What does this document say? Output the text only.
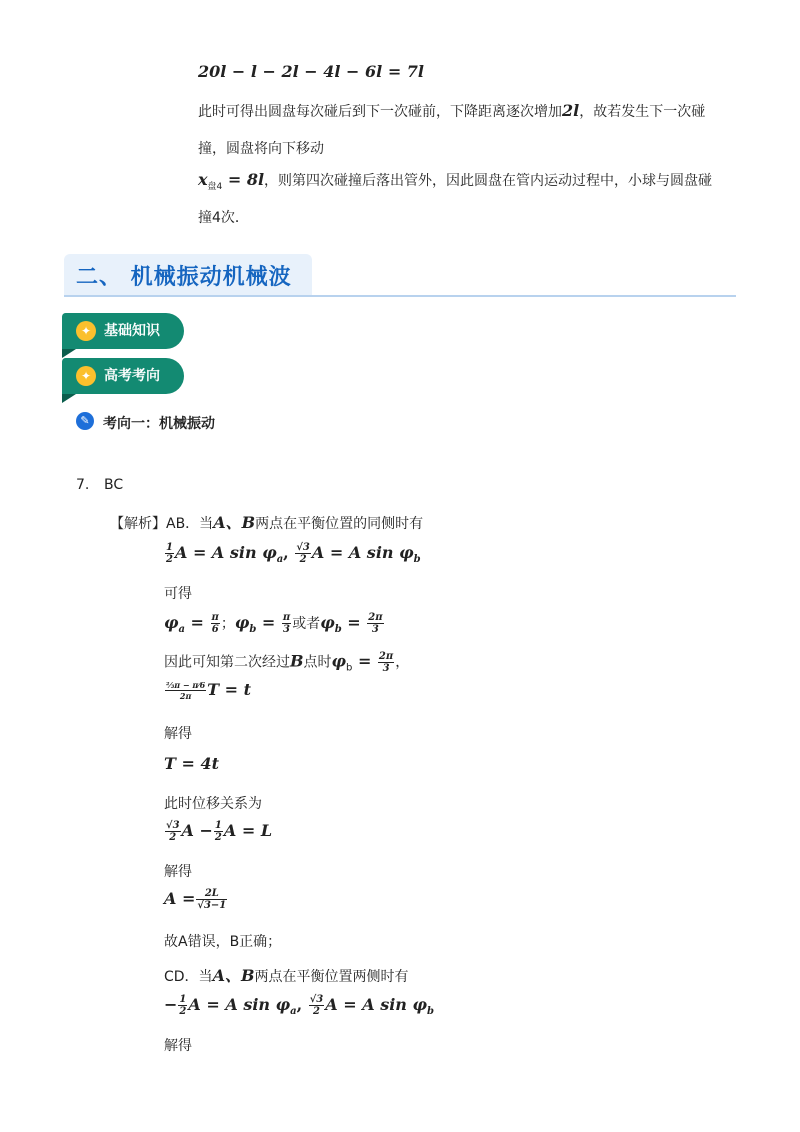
20l − l − 2l − 4l − 6l = 7l
此时可得出圆盘每次碰后到下一次碰前，下降距离逐次增加2l，故若发生下一次碰
撞，圆盘将向下移动
$x_{盘4} = 8l$，则第四次碰撞后落出管外，因此圆盘在管内运动过程中，小球与圆盘碰
撞4次．
二、 机械振动机械波
✦ 基础知识
✦ 高考考向
✎ 考向一：机械振动
7. BC
【解析】AB．当A、B两点在平衡位置的同侧时有
$\frac{1}{2}$ A = A $\sin \varphi_a$, $\frac{√3}{2}$ A = A $\sin \varphi_b$
可得
$\varphi_a = \frac{\pi}{6}$ ；$\varphi_b = \frac{\pi}{3}$ 或者$\varphi_b = \frac{2\pi}{3}$
因此可知第二次经过B点时$\varphi_b = \frac{2\pi}{3}$ ，
$\frac{\text{⅔π − π⁄6}}{2\pi}$ T = t
解得
T = 4t
此时位移关系为
$\frac{√3}{2}$ $A - \frac{1}{2}$ A = L
解得
$A = \frac{2L}{√3-1}$
故A错误，B正确；
CD．当A、B两点在平衡位置两侧时有
− $\frac{1}{2}$ A = A $\sin \varphi_a$, $\frac{√3}{2}$ A = A $\sin \varphi_b$
解得
